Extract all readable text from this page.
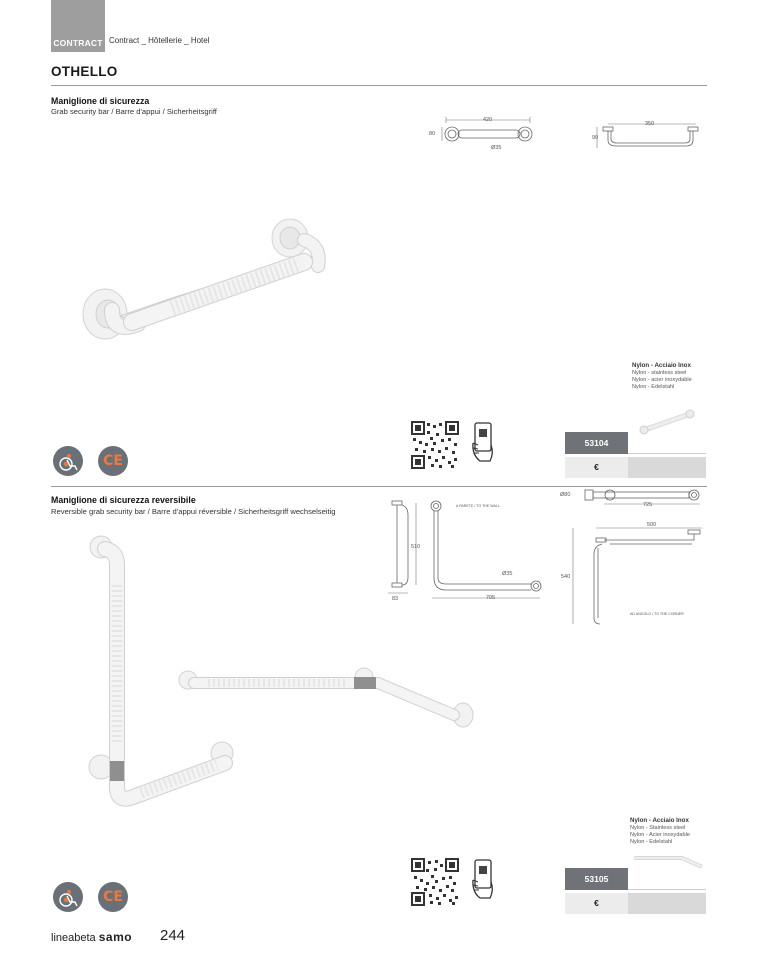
CONTRACT Contract _ Hôtellerie _ Hotel
OTHELLO
Maniglione di sicurezza
Grab security bar / Barre d'appui / Sicherheitsgriff
420
80
Ø35
350
90
Nylon - Acciaio Inox
Nylon - stainless steel
Nylon - acier inoxydable
Nylon - Edelstahl
53104
€
CE
Maniglione di sicurezza reversibile
Reversible grab security bar / Barre d'appui réversible / Sicherheitsgriff wechselseitig
510
83
A PARETE / TO THE WALL
Ø35
705
Ø80
725
500
540
AD ANGOLO / TO THE CORNER
Nylon - Acciaio Inox
Nylon - Stainless steel
Nylon - Acier inoxydable
Nylon - Edelstahl
53105
€
CE
lineabeta samo 244
